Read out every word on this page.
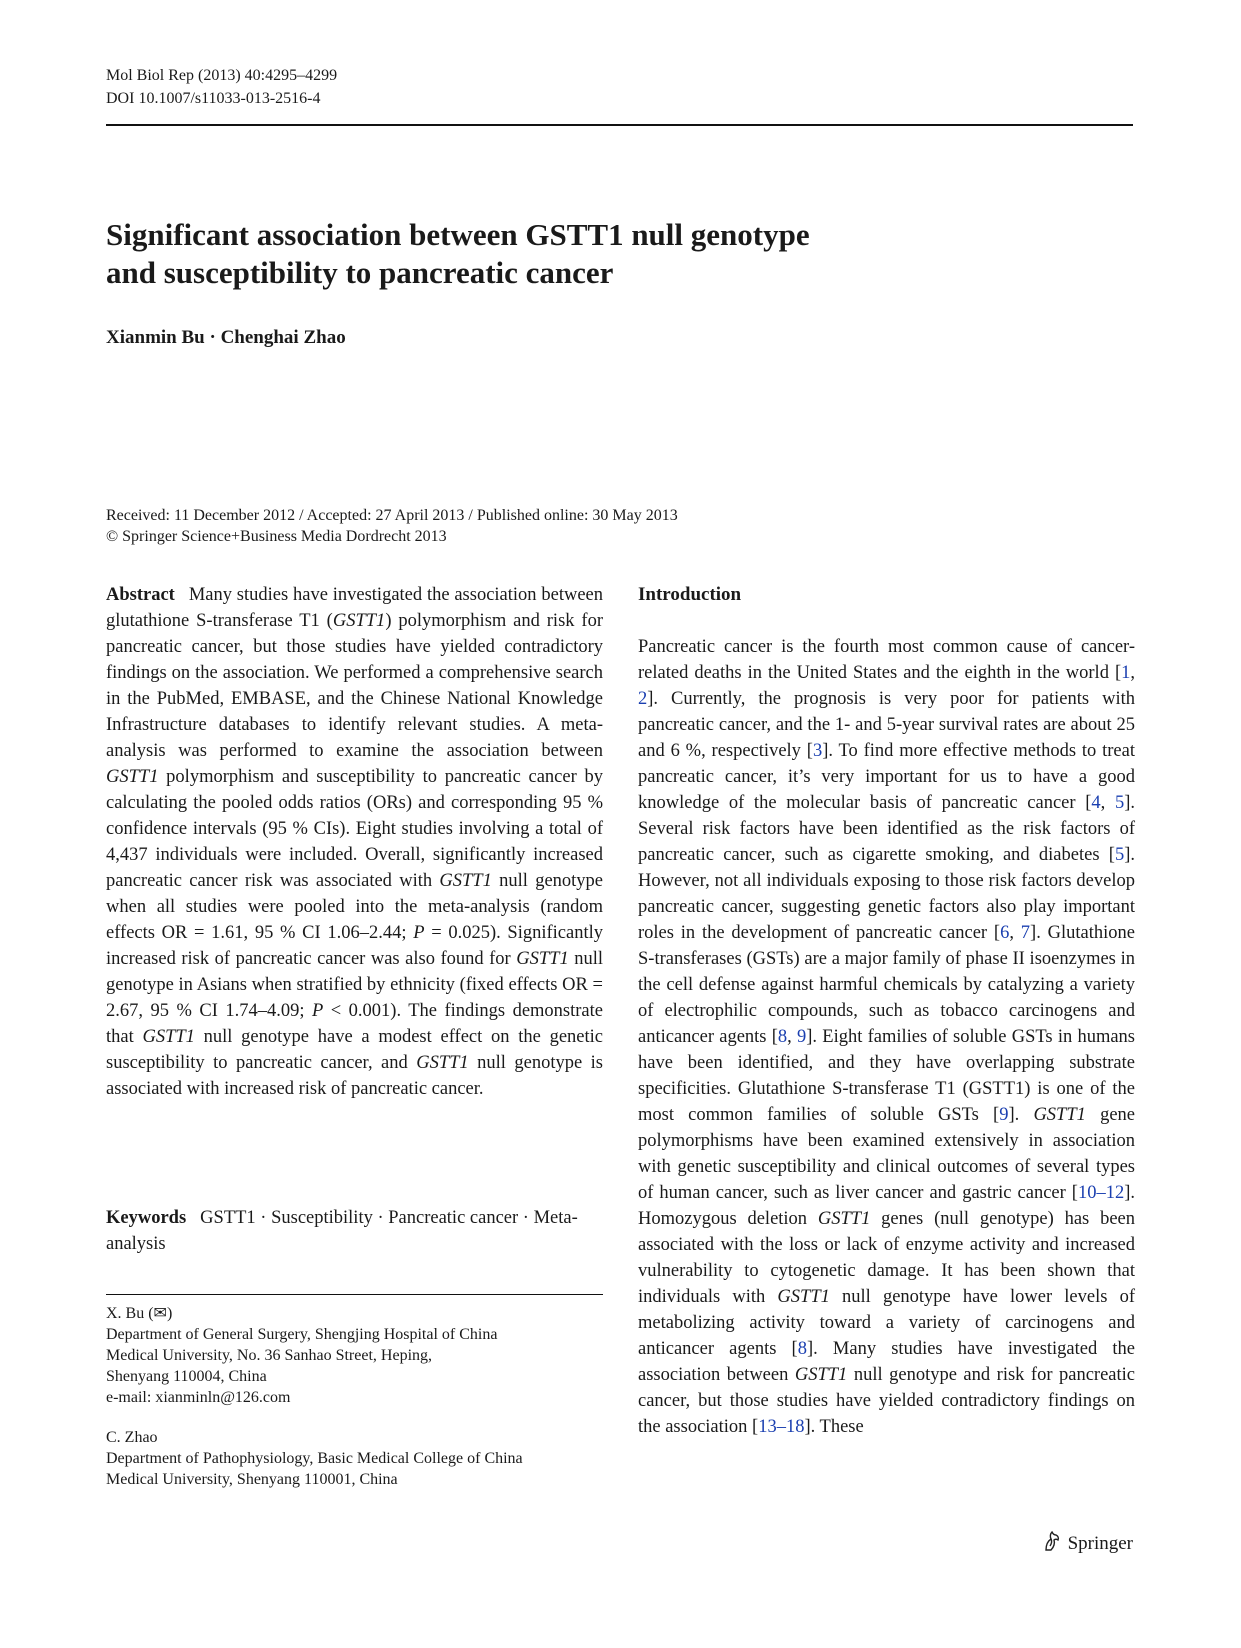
Mol Biol Rep (2013) 40:4295–4299
DOI 10.1007/s11033-013-2516-4
Significant association between GSTT1 null genotype
and susceptibility to pancreatic cancer
Xianmin Bu · Chenghai Zhao
Received: 11 December 2012 / Accepted: 27 April 2013 / Published online: 30 May 2013
© Springer Science+Business Media Dordrecht 2013

Abstract Many studies have investigated the association between glutathione S-transferase T1 (GSTT1) polymorphism and risk for pancreatic cancer, but those studies have yielded contradictory findings on the association. We performed a comprehensive search in the PubMed, EMBASE, and the Chinese National Knowledge Infrastructure databases to identify relevant studies. A meta-analysis was performed to examine the association between GSTT1 polymorphism and susceptibility to pancreatic cancer by calculating the pooled odds ratios (ORs) and corresponding 95 % confidence intervals (95 % CIs). Eight studies involving a total of 4,437 individuals were included. Overall, significantly increased pancreatic cancer risk was associated with GSTT1 null genotype when all studies were pooled into the meta-analysis (random effects OR = 1.61, 95 % CI 1.06–2.44; P = 0.025). Significantly increased risk of pancreatic cancer was also found for GSTT1 null genotype in Asians when stratified by ethnicity (fixed effects OR = 2.67, 95 % CI 1.74–4.09; P < 0.001). The findings demonstrate that GSTT1 null genotype have a modest effect on the genetic susceptibility to pancreatic cancer, and GSTT1 null genotype is associated with increased risk of pancreatic cancer.

Keywords GSTT1 · Susceptibility · Pancreatic cancer · Meta-analysis
X. Bu (✉)
Department of General Surgery, Shengjing Hospital of China
Medical University, No. 36 Sanhao Street, Heping,
Shenyang 110004, China
e-mail: xianminln@126.com
C. Zhao
Department of Pathophysiology, Basic Medical College of China
Medical University, Shenyang 110001, China
Introduction

Pancreatic cancer is the fourth most common cause of cancer-related deaths in the United States and the eighth in the world [1, 2]. Currently, the prognosis is very poor for patients with pancreatic cancer, and the 1- and 5-year survival rates are about 25 and 6 %, respectively [3]. To find more effective methods to treat pancreatic cancer, it’s very important for us to have a good knowledge of the molecular basis of pancreatic cancer [4, 5]. Several risk factors have been identified as the risk factors of pancreatic cancer, such as cigarette smoking, and diabetes [5]. However, not all individuals exposing to those risk factors develop pancreatic cancer, suggesting genetic factors also play important roles in the development of pancreatic cancer [6, 7]. Glutathione S-transferases (GSTs) are a major family of phase II isoenzymes in the cell defense against harmful chemicals by catalyzing a variety of electrophilic compounds, such as tobacco carcinogens and anticancer agents [8, 9]. Eight families of soluble GSTs in humans have been identified, and they have overlapping substrate specificities. Glutathione S-transferase T1 (GSTT1) is one of the most common families of soluble GSTs [9]. GSTT1 gene polymorphisms have been examined extensively in association with genetic susceptibility and clinical outcomes of several types of human cancer, such as liver cancer and gastric cancer [10–12]. Homozygous deletion GSTT1 genes (null genotype) has been associated with the loss or lack of enzyme activity and increased vulnerability to cytogenetic damage. It has been shown that individuals with GSTT1 null genotype have lower levels of metabolizing activity toward a variety of carcinogens and anticancer agents [8]. Many studies have investigated the association between GSTT1 null genotype and risk for pancreatic cancer, but those studies have yielded contradictory findings on the association [13–18]. These

Springer
